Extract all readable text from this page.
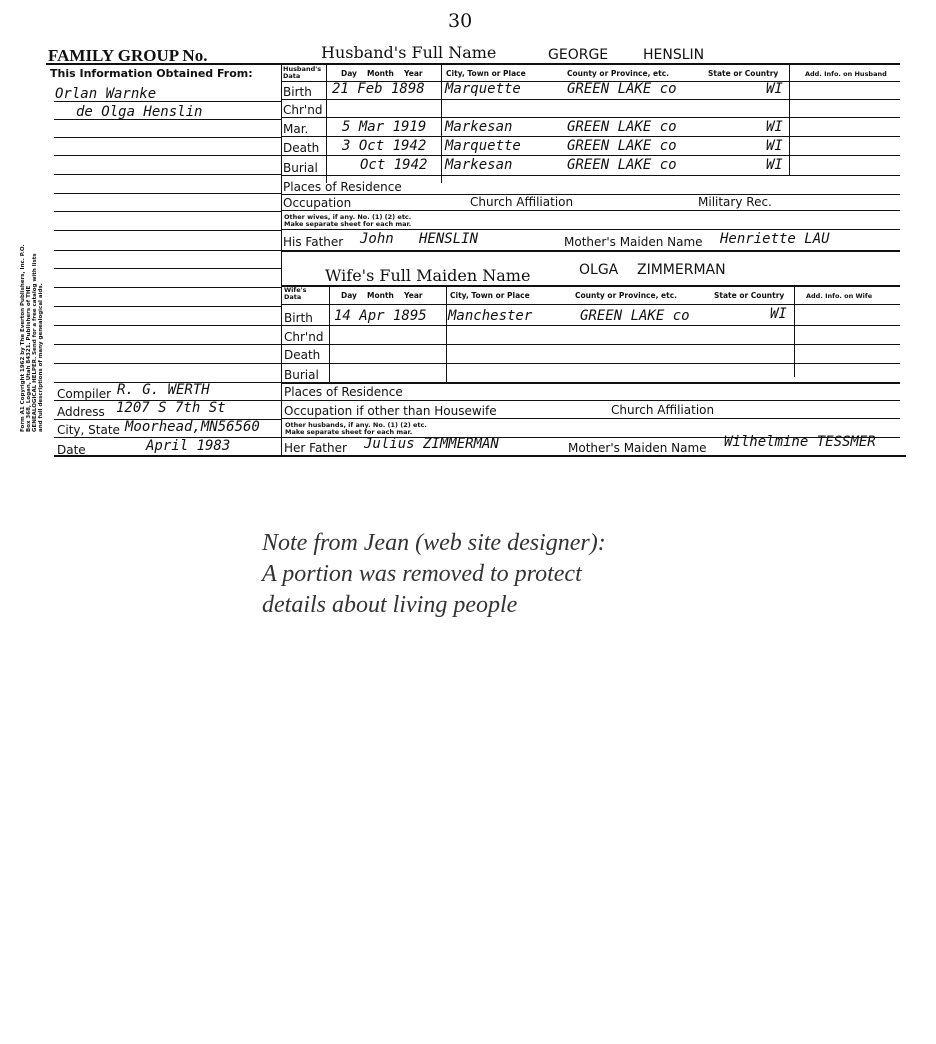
30
FAMILY GROUP No.	Husband's Full Name	GEORGE HENSLIN
This Information Obtained From:
Orlan Warnke
de Olga Henslin
Husband's Data	Day Month Year	City, Town or Place	County or Province, etc.	State or Country	Add. Info. on Husband
Birth 21 Feb 1898 Marquette	GREEN LAKE co	WI
Chr'nd
Mar. 5 Mar 1919 Markesan	GREEN LAKE co	WI
Death 3 Oct 1942 Marquette	GREEN LAKE co	WI
Burial	Oct 1942 Markesan	GREEN LAKE co	WI
Places of Residence
Occupation	Church Affiliation	Military Rec.
Other wives, if any. No. (1) (2) etc.
Make separate sheet for each mar.
His Father John   HENSLIN	Mother's Maiden Name Henriette LAU
Wife's Full Maiden Name	OLGA ZIMMERMAN
Wife's Data	Day Month Year	City, Town or Place	County or Province, etc.	State or Country	Add. Info. on Wife
Birth 14 Apr 1895 Manchester	GREEN LAKE co	WI
Chr'nd
Death
Burial
Places of Residence
Occupation if other than Housewife	Church Affiliation
Other husbands, if any. No. (1) (2) etc.
Make separate sheet for each mar.
Her Father Julius ZIMMERMAN	Mother's Maiden Name Wilhelmine TESSMER
Compiler R. G. WERTH
Address 1207 S 7th St
City, State Moorhead,MN56560
Date	April 1983
Form A1 Copyright 1962 by The Everton Publishers, Inc. P.O. Box 368, Logan, Utah 84321. Publishers of THE GENEALOGICAL HELPER. Send for a free catalog with lists and full descriptions of many genealogical aids.
Note from Jean (web site designer):
A portion was removed to protect
details about living people
